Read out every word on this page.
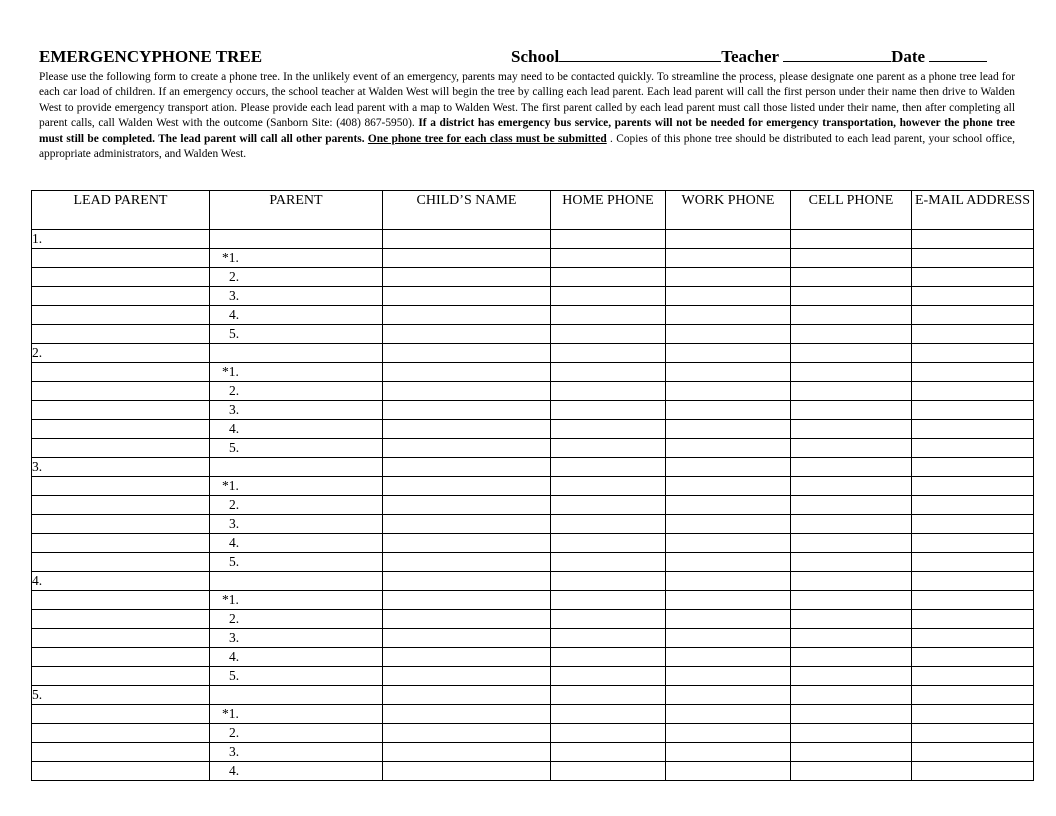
EMERGENCYPHONE TREE	School	Teacher	Date
Please use the following form to create a phone tree. In the unlikely event of an emergency, parents may need to be contacted quickly. To streamline the process, please designate one parent as a phone tree lead for each car load of children. If an emergency occurs, the school teacher at Walden West will begin the tree by calling each lead parent. Each lead parent will call the first person under their name then drive to Walden West to provide emergency transport ation. Please provide each lead parent with a map to Walden West. The first parent called by each lead parent must call those listed under their name, then after completing all parent calls, call Walden West with the outcome (Sanborn Site: (408) 867-5950). If a district has emergency bus service, parents will not be needed for emergency transportation, however the phone tree must still be completed. The lead parent will call all other parents. One phone tree for each class must be submitted . Copies of this phone tree should be distributed to each lead parent, your school office, appropriate administrators, and Walden West.
LEAD PARENT	PARENT	CHILD’S NAME	HOME PHONE	WORK PHONE	CELL PHONE	E-MAIL ADDRESS
1.						
	*1.					
	2.					
	3.					
	4.					
	5.					
2.						
	*1.					
	2.					
	3.					
	4.					
	5.					
3.						
	*1.					
	2.					
	3.					
	4.					
	5.					
4.						
	*1.					
	2.					
	3.					
	4.					
	5.					
5.						
	*1.					
	2.					
	3.					
	4.					
